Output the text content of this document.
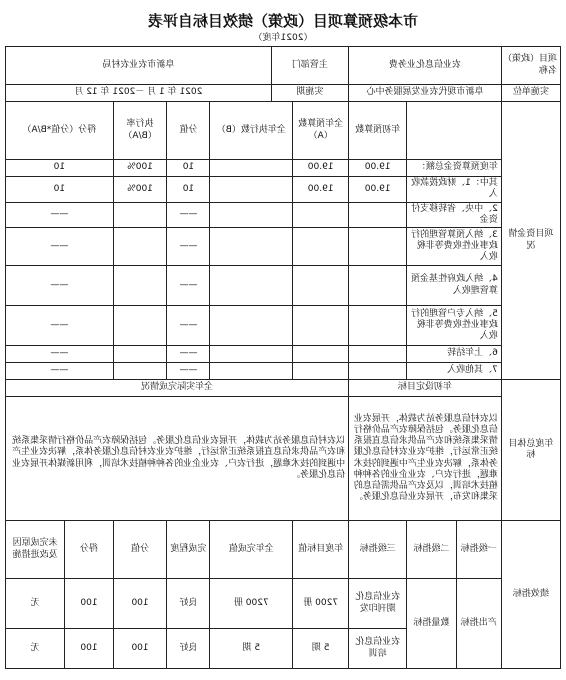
市本级预算项目（政策）绩效目标自评表
（2021年度）
项目（政策）名称	农业信息化业务费			主管部门		阜新市农业农村局				
实施单位	阜新市现代农业发展服务中心			实施期		2021 年 1 月 －2021 年 12 月				
项目资金情况			年初预算数	全年预算数（A）	全年执行数（B）		分值	执行率（B/A）	得分（分值*B/A）	
	年度预算资金总额：		19.00	19.00			10	100%	10	
	其中：1、财政拨款收入		19.00	19.00			10	100%	10	
	2、中央、省转移支付资金						——		——	
	3、纳入预算管理的行政事业性收费等非税收入						——		——	
	4、纳入政府性基金预算管理收入						——		——	
	5、纳入专户管理的行政事业性收费等非税收入						——		——	
	6、上年结转						——		——	
	7、其他收入						——		——	
年度总体目标	年初设定目标			全年实际完成情况						
	以农村信息服务站为载体，开展农业信息化服务。包括保障农产品价格行情采集系统和农产品供求信息直报系统正常运行，维护农业农村信息化服务体系，解决农业生产中遇到的技术难题，进行农户、农业企业的各种种植技术培训，以及农产品供需信息的采集和发布，开展农业信息化服务。			以农村信息服务站为载体，开展农业信息化服务。包括保障农产品价格行情采集系统和农产品供求信息直报系统正常运行，维护农业农村信息化服务体系，解决农业生产中遇到的技术难题，进行农户、农业企业的各种种植技术培训，利用新媒体开展农业信息化服务。						
绩效指标	一级指标	二级指标	三级指标	年度目标值	全年完成值		完成程度	分值	得分	未完成原因及改进措施
	产出指标	数量指标	农业信息化期刊印发	7200 册	7200 册		良好	100	100	无
			农业信息化培训	5 期	5 期		良好	100	100	无
